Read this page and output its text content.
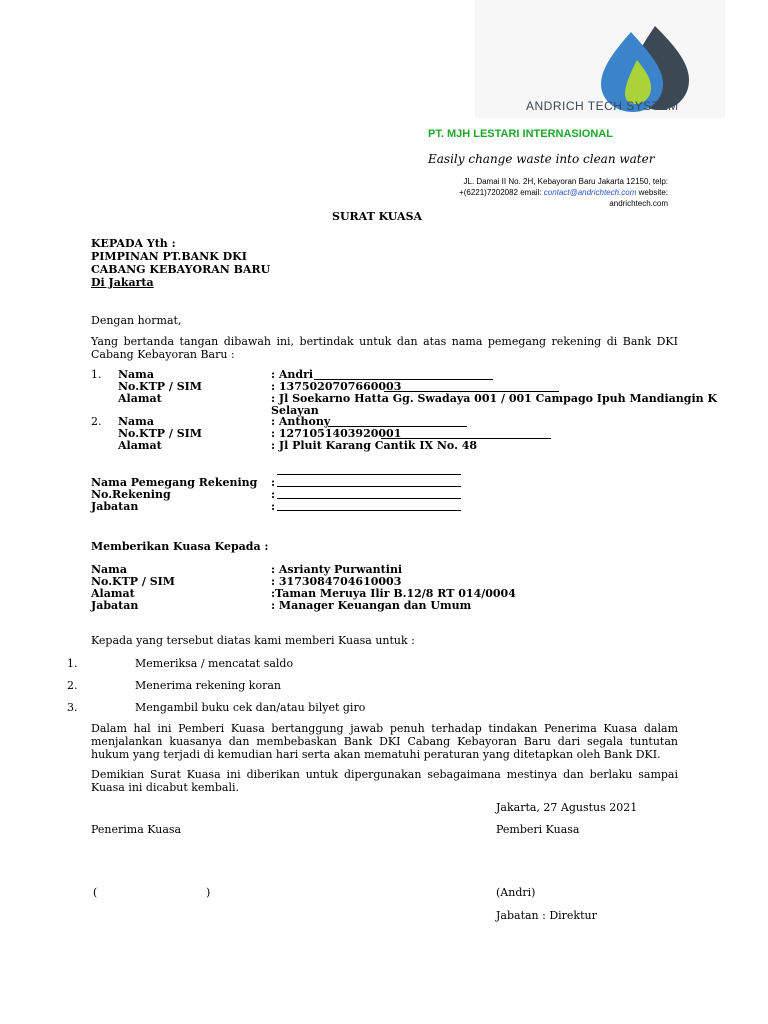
ANDRICH TECH SYSTEM
PT. MJH LESTARI INTERNASIONAL
Easily change waste into clean water
JL. Damai II No. 2H, Kebayoran Baru Jakarta 12150, telp:
+(6221)7202082 email: contact@andrichtech.com website:
andrichtech.com
SURAT KUASA
KEPADA Yth :
PIMPINAN PT.BANK DKI
CABANG KEBAYORAN BARU
Di Jakarta
Dengan hormat,
Yang bertanda tangan dibawah ini, bertindak untuk dan atas nama pemegang rekening di Bank DKI Cabang Kebayoran Baru :
1. Nama	: Andri
No.KTP / SIM	: 1375020707660003
Alamat	: Jl Soekarno Hatta Gg. Swadaya 001 / 001 Campago Ipuh Mandiangin K
Selayan
2. Nama	: Anthony
No.KTP / SIM	: 1271051403920001
Alamat	: Jl Pluit Karang Cantik IX No. 48
Nama Pemegang Rekening :
No.Rekening	:
Jabatan	:
Memberikan Kuasa Kepada :
Nama	: Asrianty Purwantini
No.KTP / SIM	: 3173084704610003
Alamat	:Taman Meruya Ilir B.12/8 RT 014/0004
Jabatan	: Manager Keuangan dan Umum
Kepada yang tersebut diatas kami memberi Kuasa untuk :
1.	Memeriksa / mencatat saldo
2.	Menerima rekening koran
3.	Mengambil buku cek dan/atau bilyet giro
Dalam hal ini Pemberi Kuasa bertanggung jawab penuh terhadap tindakan Penerima Kuasa dalam menjalankan kuasanya dan membebaskan Bank DKI Cabang Kebayoran Baru dari segala tuntutan hukum yang terjadi di kemudian hari serta akan mematuhi peraturan yang ditetapkan oleh Bank DKI.
Demikian Surat Kuasa ini diberikan untuk dipergunakan sebagaimana mestinya dan berlaku sampai Kuasa ini dicabut kembali.
Jakarta, 27 Agustus 2021
Penerima Kuasa	Pemberi Kuasa
(	)	(Andri)
Jabatan : Direktur
